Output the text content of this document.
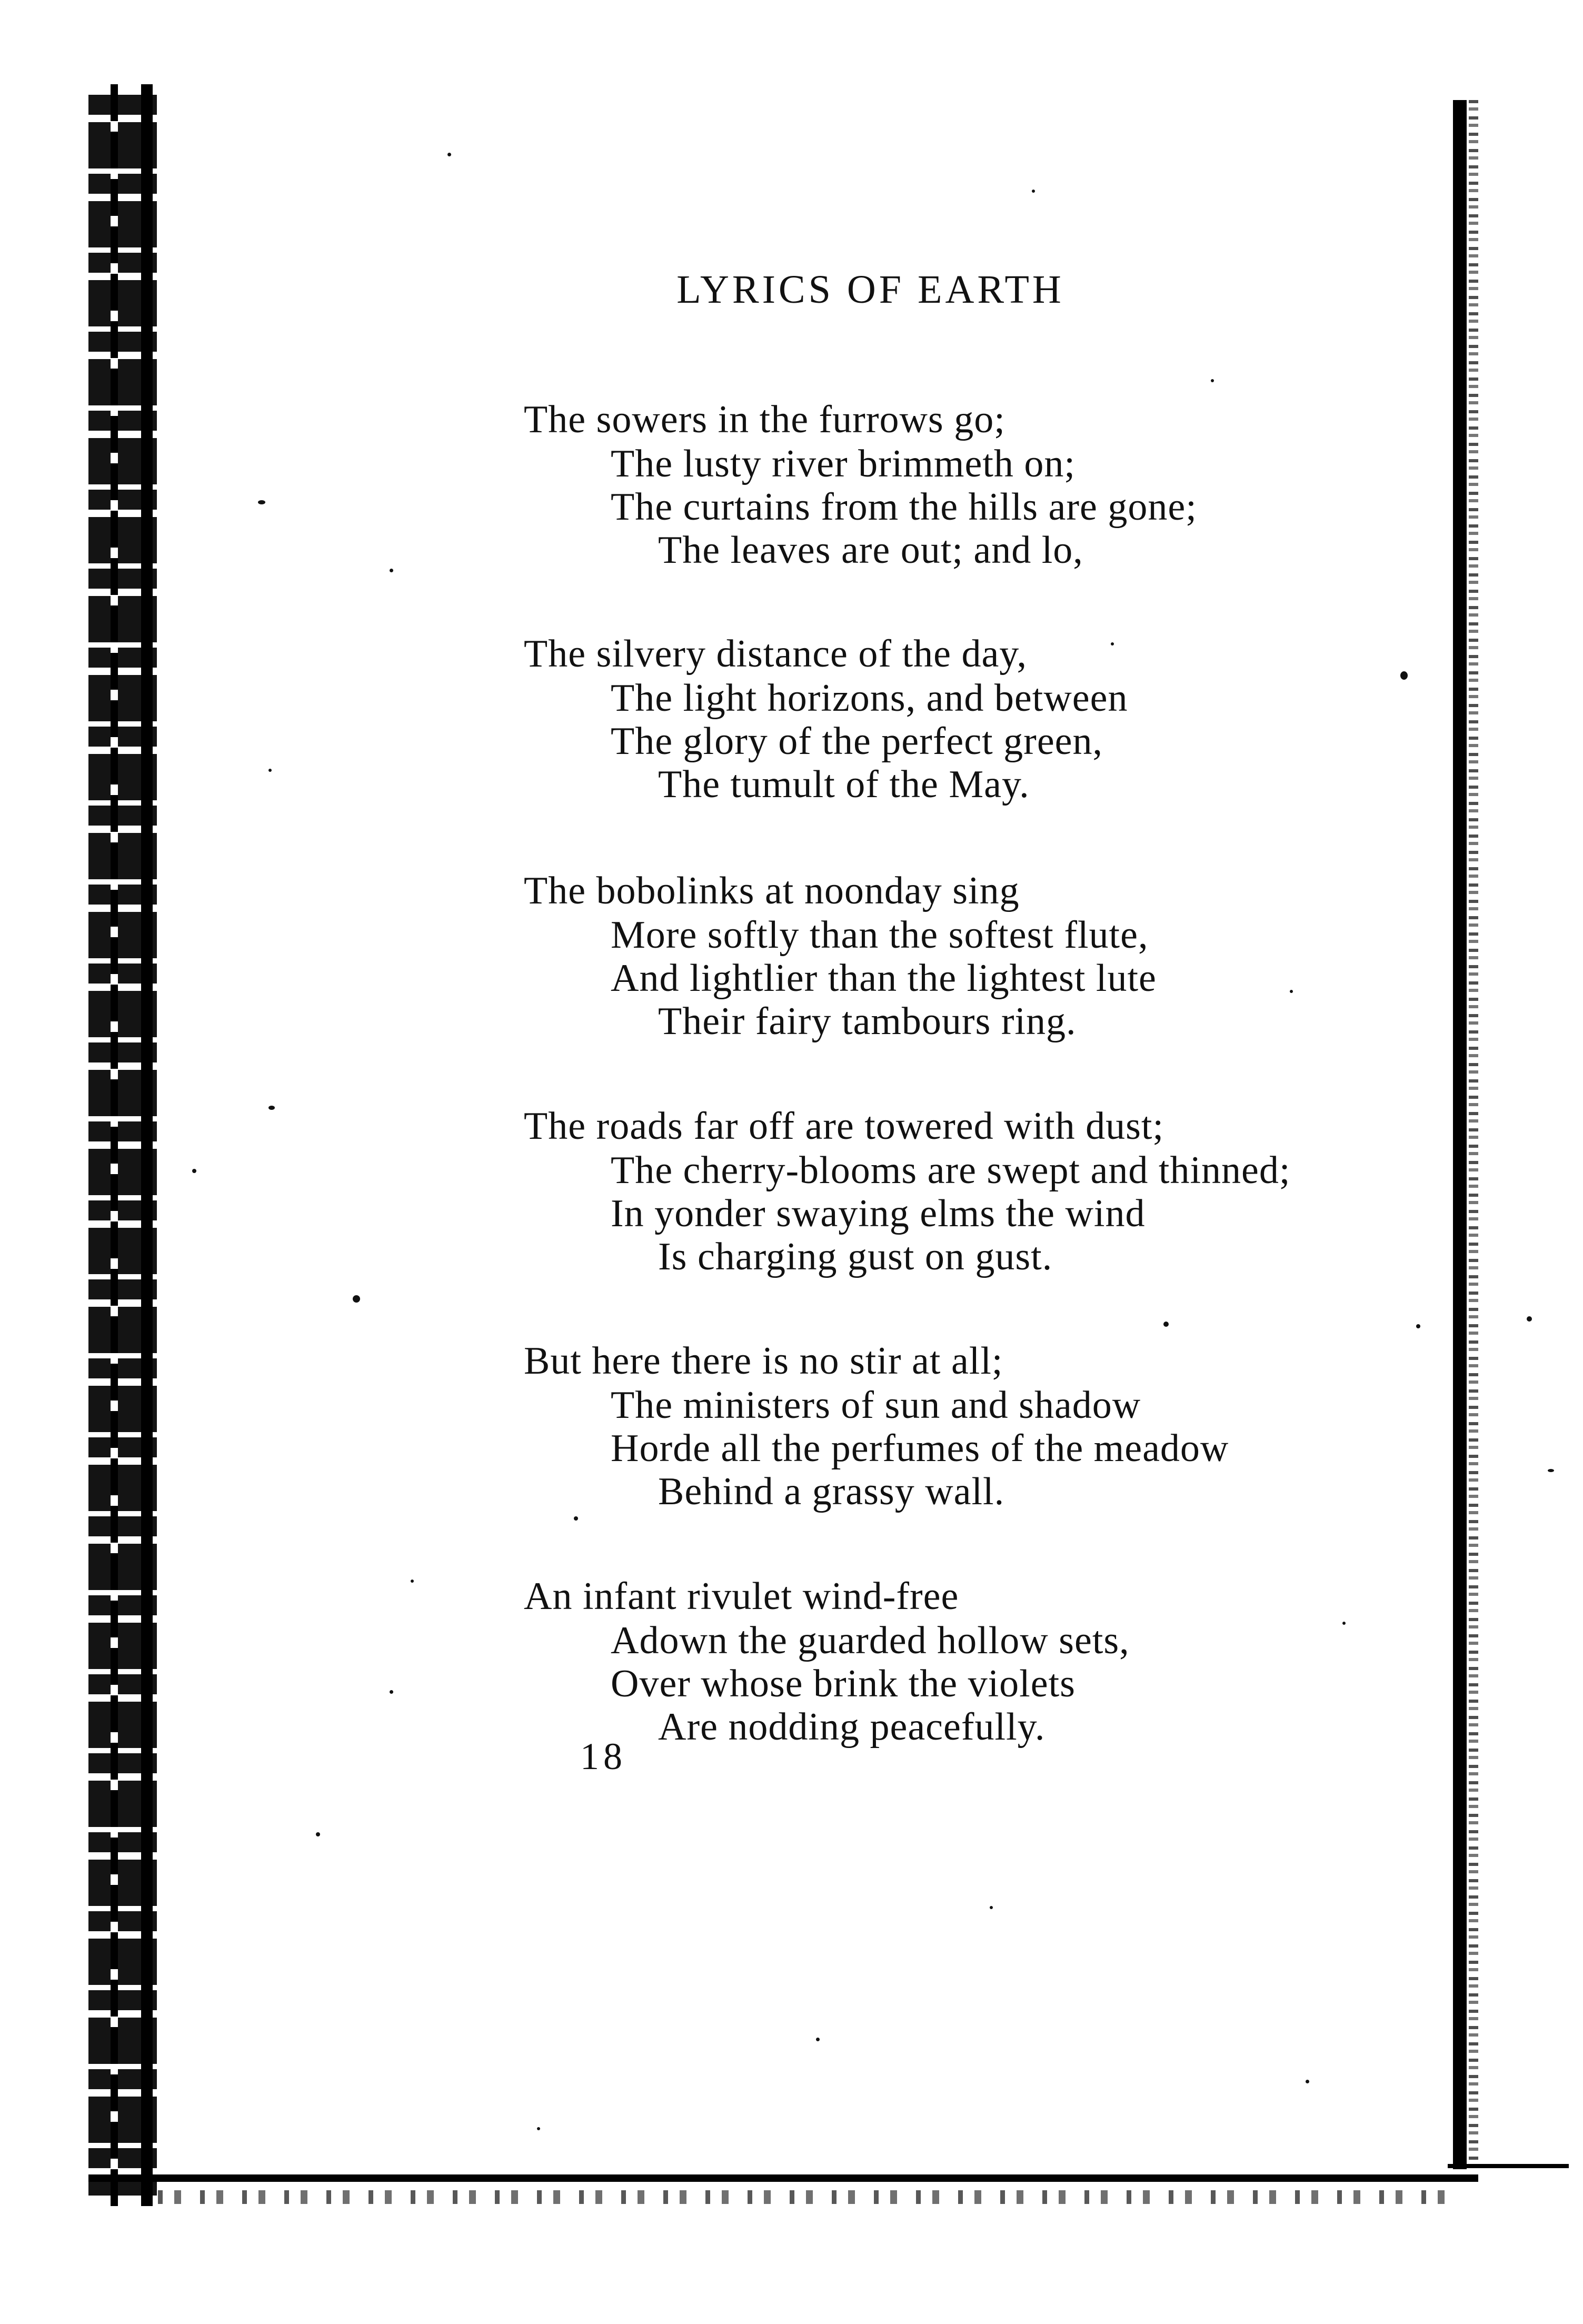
LYRICS OF EARTH
The sowers in the furrows go;
The lusty river brimmeth on;
The curtains from the hills are gone;
The leaves are out; and lo,
The silvery distance of the day,
The light horizons, and between
The glory of the perfect green,
The tumult of the May.
The bobolinks at noonday sing
More softly than the softest flute,
And lightlier than the lightest lute
Their fairy tambours ring.
The roads far off are towered with dust;
The cherry-blooms are swept and thinned;
In yonder swaying elms the wind
Is charging gust on gust.
But here there is no stir at all;
The ministers of sun and shadow
Horde all the perfumes of the meadow
Behind a grassy wall.
An infant rivulet wind-free
Adown the guarded hollow sets,
Over whose brink the violets
Are nodding peacefully.
18
